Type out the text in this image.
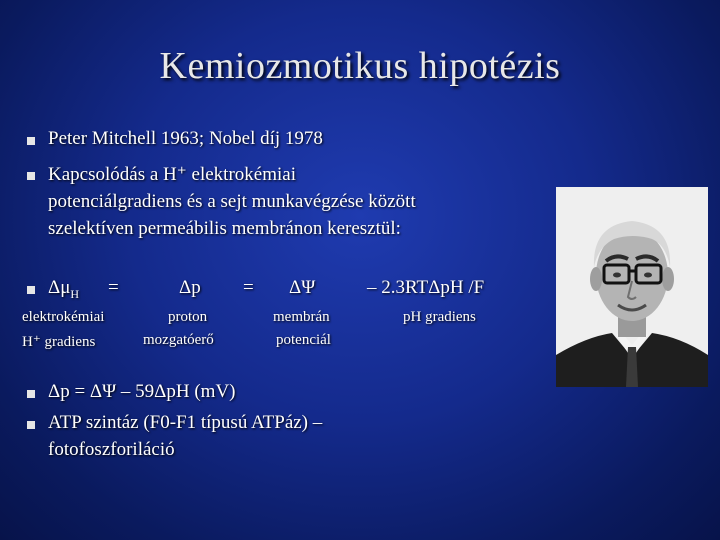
Kemiozmotikus hipotézis
Peter Mitchell 1963; Nobel díj 1978
Kapcsolódás a H⁺ elektrokémiai
potenciálgradiens és a sejt munkavégzése között
szelektíven permeábilis membránon keresztül:
$\Delta\mu_H$ =	Δp = ΔΨ	– 2.3RTΔpH /F
elektrokémiai
H⁺ gradiens
proton
mozgatóerő
membrán
potenciál
pH gradiens
Δp = ΔΨ – 59ΔpH (mV)
ATP szintáz (F0-F1 típusú ATPáz) –
fotofoszforiláció
